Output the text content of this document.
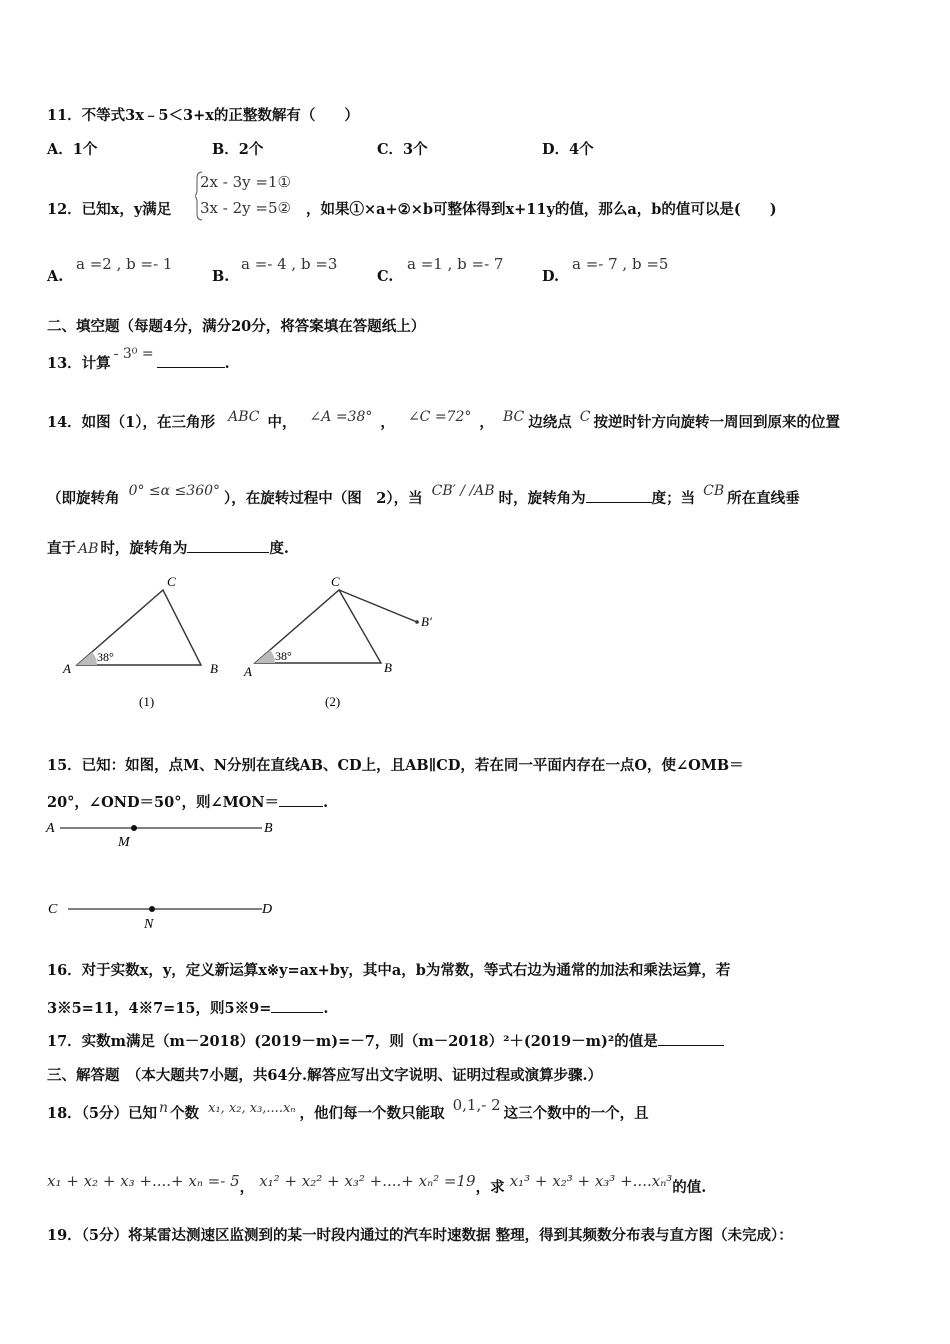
11．不等式3x﹣5＜3+x的正整数解有（　　）
A．1个	B．2个	C．3个	D．4个
12．已知x，y满足
2x - 3y =1①
3x - 2y =5② ，如果①×a+②×b可整体得到x+11y的值，那么a，b的值可以是(　　)
A.
a =2 , b =- 1
B.
a =- 4 , b =3
C.
a =1 , b =- 7
D.
a =- 7 , b =5
二、填空题（每题4分，满分20分，将答案填在答题纸上）
13．计算- 3⁰ =.
14．如图（1），在三角形 ABC 中， ∠A =38° ， ∠C =72° ， BC 边绕点 C 按逆时针方向旋转一周回到原来的位置
（即旋转角 0° ≤α ≤360° ），在旋转过程中（图　2），当 CB′ / /AB 时，旋转角为	度；当 CB 所在直线垂
直于 AB 时，旋转角为	度.
38°
A
C
B
(1)
38°
A
C
B
B′
(2)
15．已知：如图，点M、N分别在直线AB、CD上，且AB∥CD，若在同一平面内存在一点O，使∠OMB＝
20°，∠OND＝50°，则∠MON＝	.
A	B
M
C	D
N
16．对于实数x，y，定义新运算x※y=ax+by，其中a，b为常数，等式右边为通常的加法和乘法运算，若
3※5=11，4※7=15，则5※9=	.
17．实数m满足（m－2018）(2019－m)=－7，则（m－2018）²＋(2019－m)²的值是
三、解答题　（本大题共7小题，共64分.解答应写出文字说明、证明过程或演算步骤.）
18．（5分）已知 n 个数 x₁, x₂, x₃,....xₙ ，他们每一个数只能取 0,1,- 2 这三个数中的一个，且
x₁ + x₂ + x₃ +....+ xₙ =- 5， x₁² + x₂² + x₃² +....+ xₙ² =19，求 x₁³ + x₂³ + x₃³ +....xₙ³的值.
19．（5分）将某雷达测速区监测到的某一时段内通过的汽车时速数据 整理，得到其频数分布表与直方图（未完成）：
